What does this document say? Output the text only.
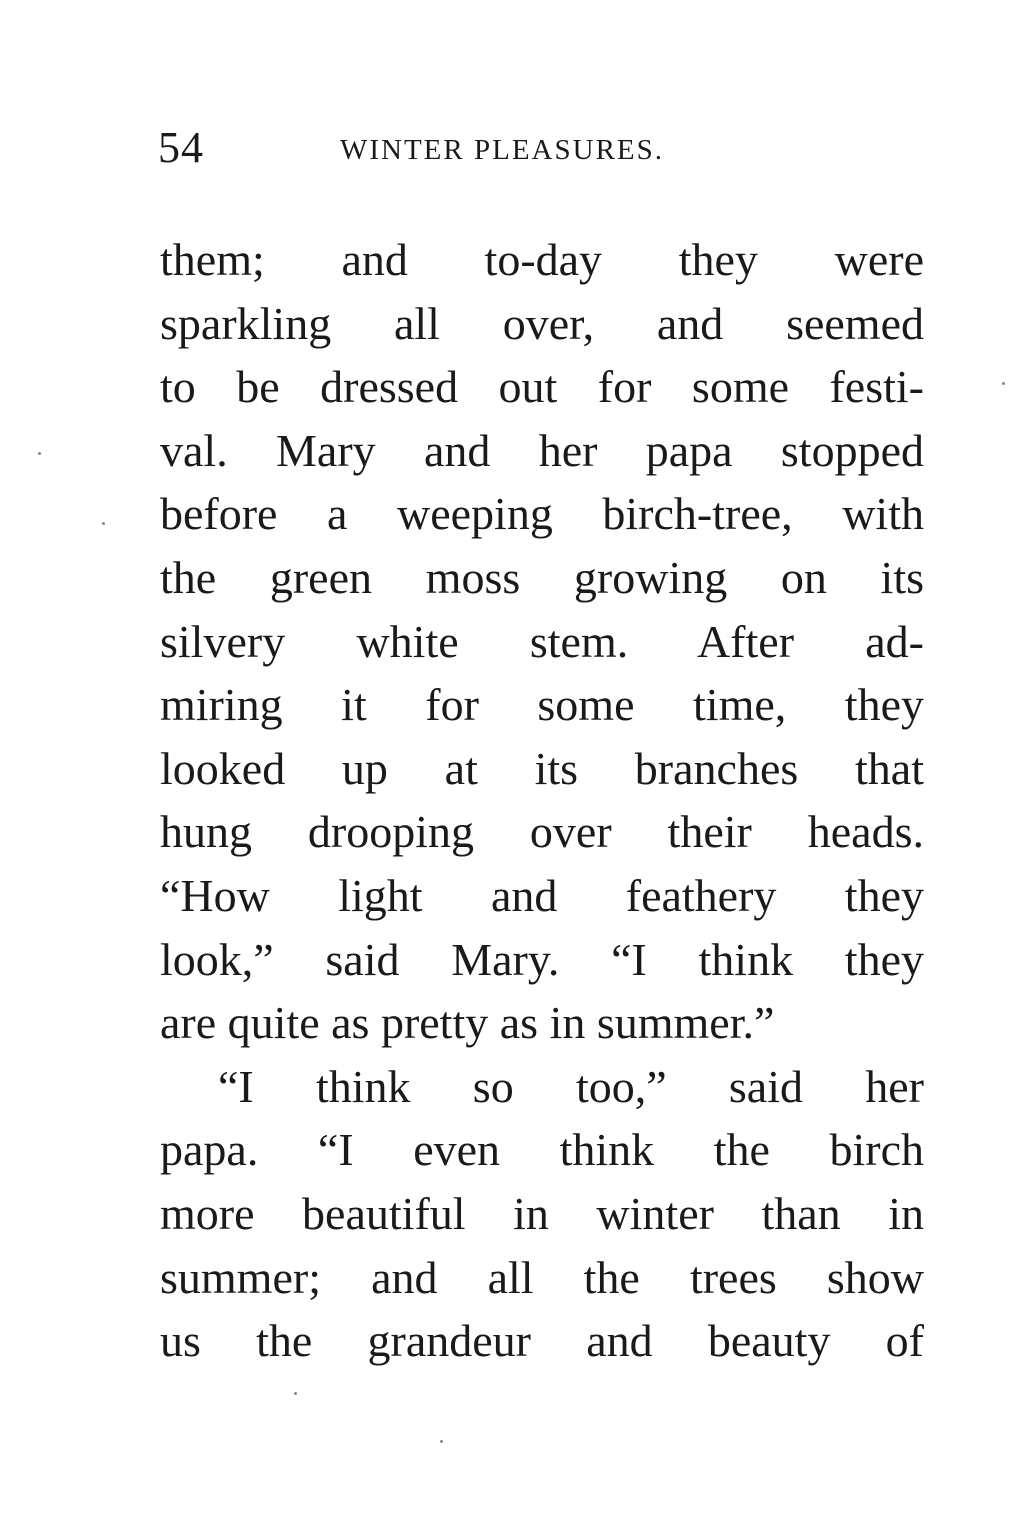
54	WINTER PLEASURES.
them; and to-day they were
sparkling all over, and seemed
to be dressed out for some festi-
val. Mary and her papa stopped
before a weeping birch-tree, with
the green moss growing on its
silvery white stem. After ad-
miring it for some time, they
looked up at its branches that
hung drooping over their heads.
“How light and feathery they
look,” said Mary. “I think they
are quite as pretty as in summer.”
“I think so too,” said her
papa. “I even think the birch
more beautiful in winter than in
summer; and all the trees show
us the grandeur and beauty of
